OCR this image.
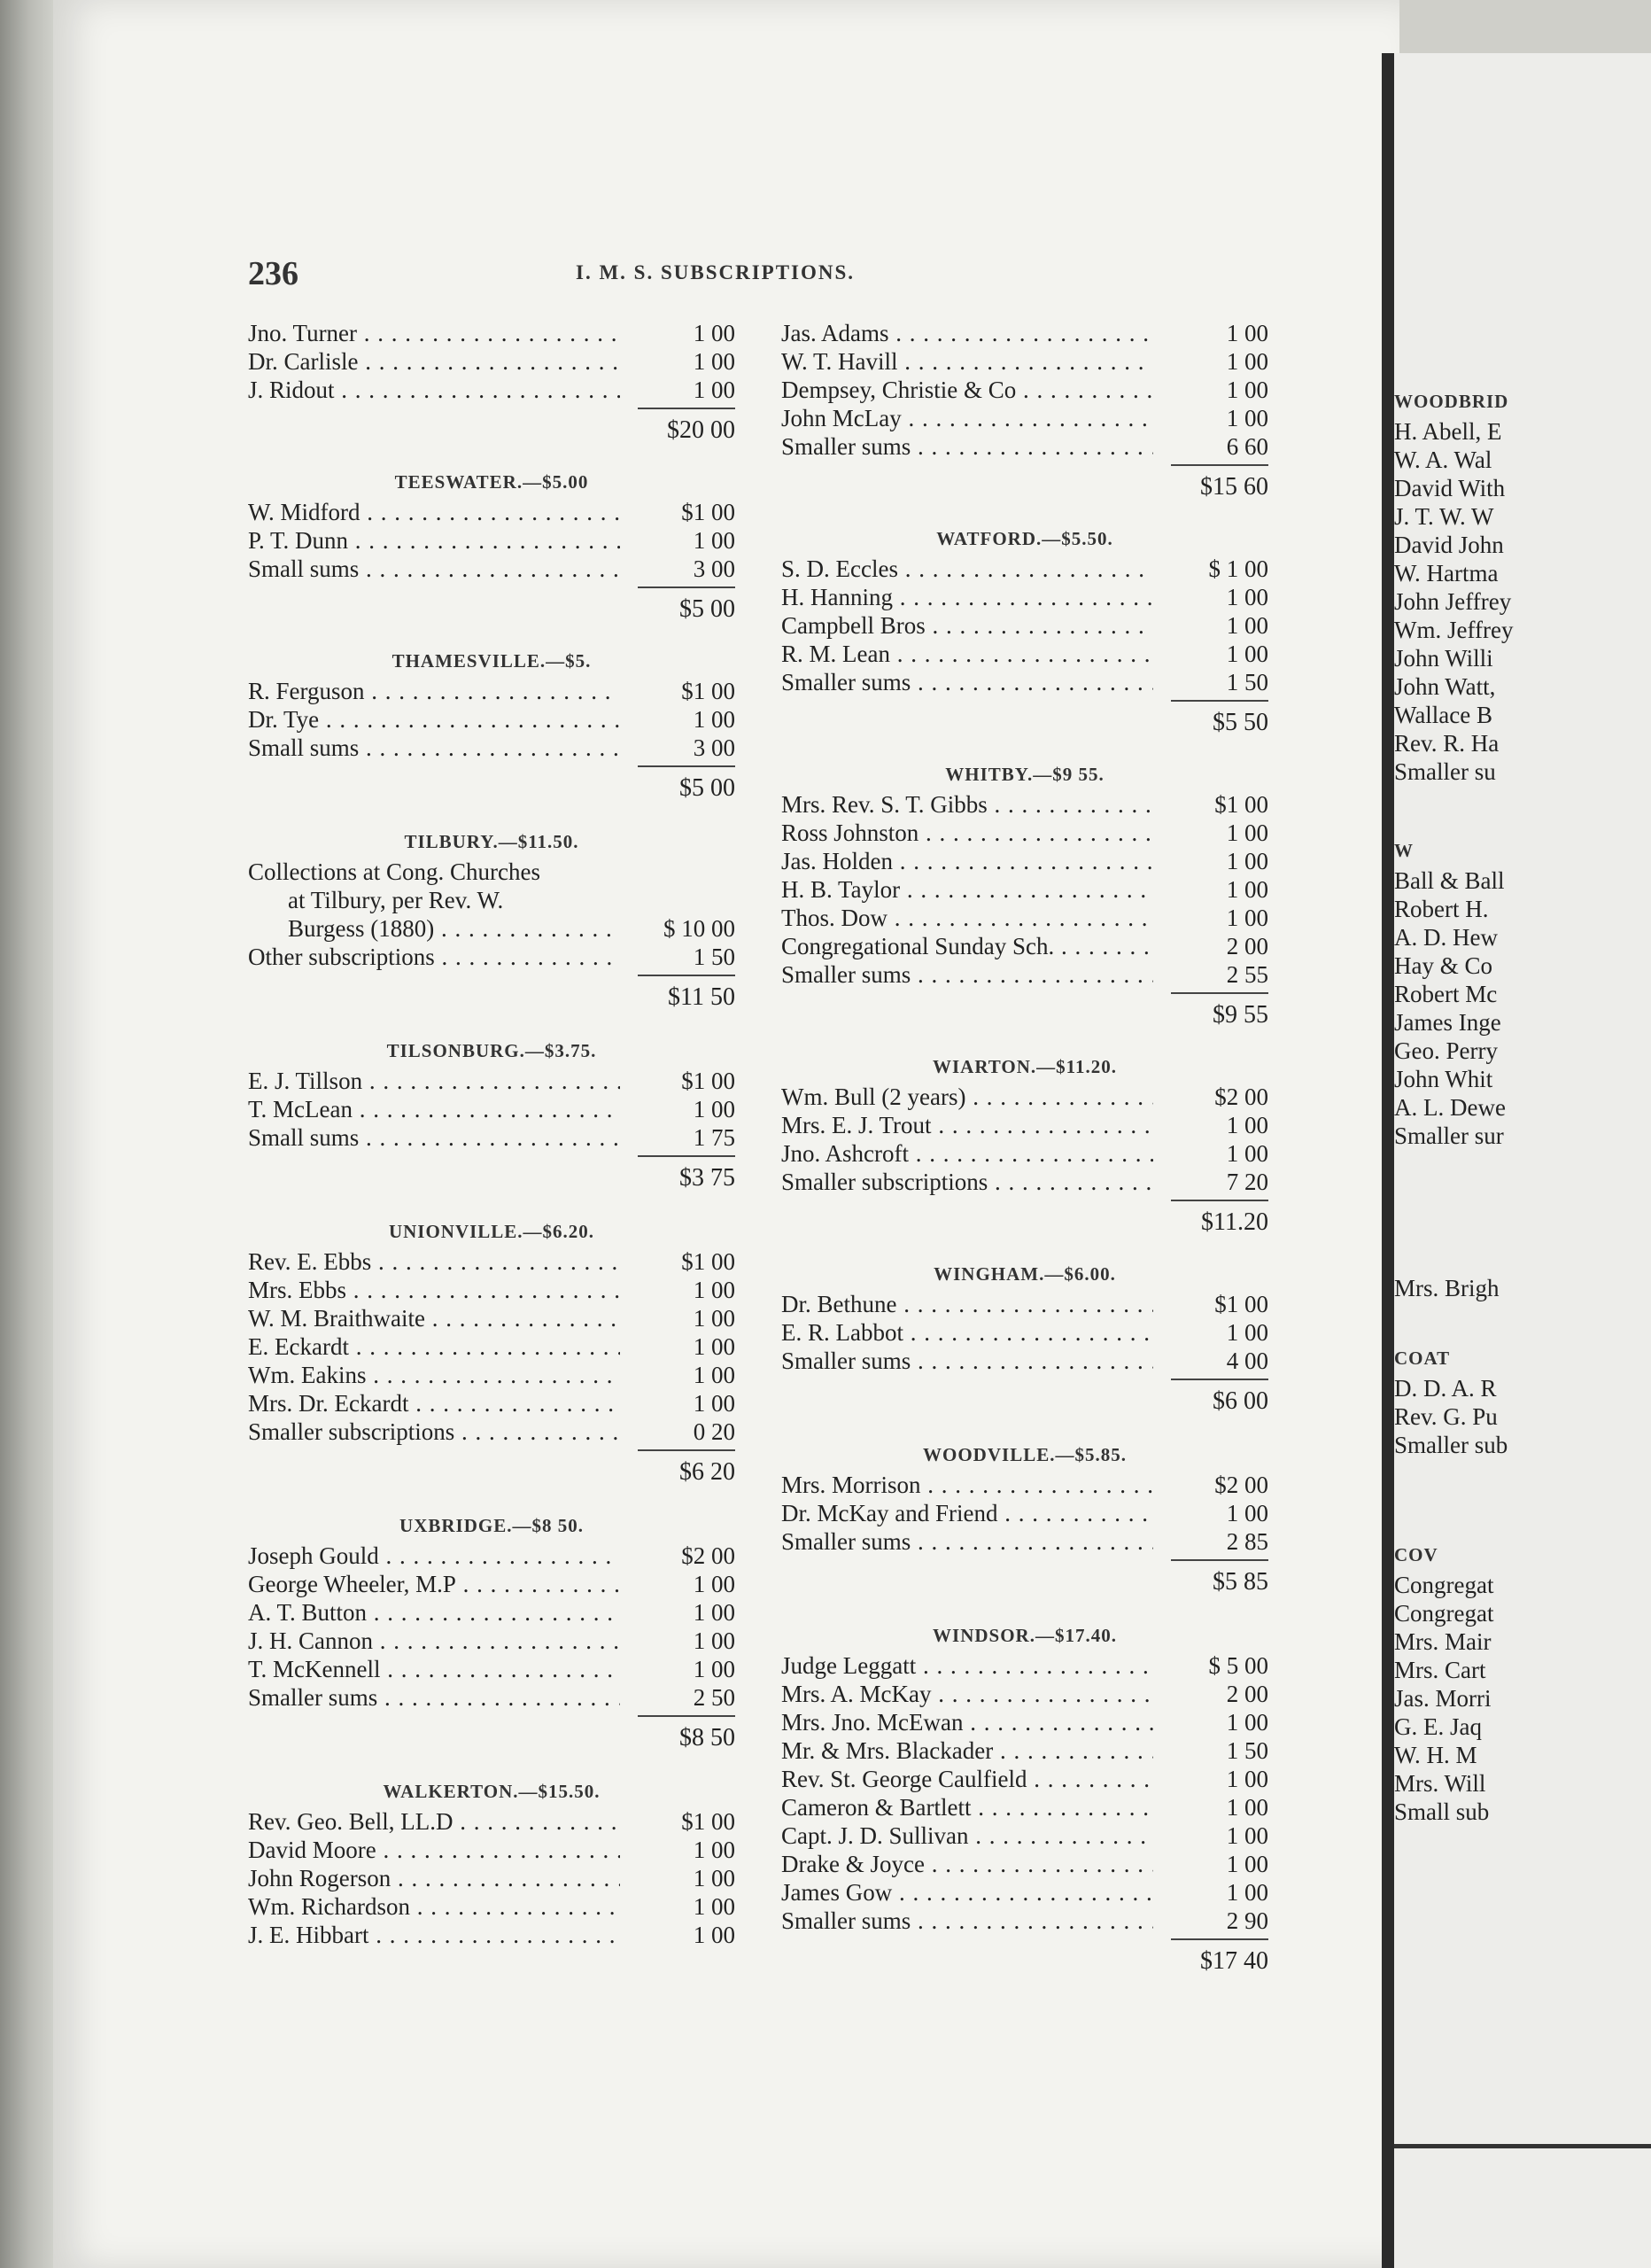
WOODBRID
H. Abell, E
W. A. Wal
David With
J. T. W. W
David John
W. Hartma
John Jeffrey
Wm. Jeffrey
John Willi
John Watt,
Wallace B
Rev. R. Ha
Smaller su
W
Ball & Ball
Robert H.
A. D. Hew
Hay & Co
Robert Mc
James Inge
Geo. Perry
John Whit
A. L. Dewe
Smaller sur
Mrs. Brigh
COAT
D. D. A. R
Rev. G. Pu
Smaller sub
COV
Congregat
Congregat
Mrs. Mair
Mrs. Cart
Jas. Morri
G. E. Jaq
W. H. M
Mrs. Will
Small sub
236	I. M. S. SUBSCRIPTIONS.
Jno. Turner . . .	1 00
Dr. Carlisle . . .	1 00
J. Ridout . . .	1 00
$20 00
TEESWATER.—$5.00
W. Midford . . .	$1 00
P. T. Dunn . . .	1 00
Small sums . . .	3 00
$5 00
THAMESVILLE.—$5.
R. Ferguson . . .	$1 00
Dr. Tye . . .	1 00
Small sums . . .	3 00
$5 00
TILBURY.—$11.50.
Collections at Cong. Churches
at Tilbury, per Rev. W.
Burgess (1880) . . .	$ 10 00
Other subscriptions . . .	1 50
$11 50
TILSONBURG.—$3.75.
E. J. Tillson . . .	$1 00
T. McLean . . .	1 00
Small sums . . .	1 75
$3 75
UNIONVILLE.—$6.20.
Rev. E. Ebbs . . .	$1 00
Mrs. Ebbs . . .	1 00
W. M. Braithwaite . . .	1 00
E. Eckardt . . .	1 00
Wm. Eakins . . .	1 00
Mrs. Dr. Eckardt . . .	1 00
Smaller subscriptions . . .	0 20
$6 20
UXBRIDGE.—$8 50.
Joseph Gould . . .	$2 00
George Wheeler, M.P . . .	1 00
A. T. Button . . .	1 00
J. H. Cannon . . .	1 00
T. McKennell . . .	1 00
Smaller sums . . .	2 50
$8 50
WALKERTON.—$15.50.
Rev. Geo. Bell, LL.D . . .	$1 00
David Moore . . .	1 00
John Rogerson . . .	1 00
Wm. Richardson . . .	1 00
J. E. Hibbart . . .	1 00
Jas. Adams . . .	1 00
W. T. Havill . . .	1 00
Dempsey, Christie & Co . . .	1 00
John McLay . . .	1 00
Smaller sums . . .	6 60
$15 60
WATFORD.—$5.50.
S. D. Eccles . . .	$ 1 00
H. Hanning . . .	1 00
Campbell Bros . . .	1 00
R. M. Lean . . .	1 00
Smaller sums . . .	1 50
$5 50
WHITBY.—$9 55.
Mrs. Rev. S. T. Gibbs . . .	$1 00
Ross Johnston . . .	1 00
Jas. Holden . . .	1 00
H. B. Taylor . . .	1 00
Thos. Dow . . .	1 00
Congregational Sunday Sch. . . .	2 00
Smaller sums . . .	2 55
$9 55
WIARTON.—$11.20.
Wm. Bull (2 years) . . .	$2 00
Mrs. E. J. Trout . . .	1 00
Jno. Ashcroft . . .	1 00
Smaller subscriptions . . .	7 20
$11.20
WINGHAM.—$6.00.
Dr. Bethune . . .	$1 00
E. R. Labbot . . .	1 00
Smaller sums . . .	4 00
$6 00
WOODVILLE.—$5.85.
Mrs. Morrison . . .	$2 00
Dr. McKay and Friend . . .	1 00
Smaller sums . . .	2 85
$5 85
WINDSOR.—$17.40.
Judge Leggatt . . .	$ 5 00
Mrs. A. McKay . . .	2 00
Mrs. Jno. McEwan . . .	1 00
Mr. & Mrs. Blackader . . .	1 50
Rev. St. George Caulfield . . .	1 00
Cameron & Bartlett . . .	1 00
Capt. J. D. Sullivan . . .	1 00
Drake & Joyce . . .	1 00
James Gow . . .	1 00
Smaller sums . . .	2 90
$17 40
